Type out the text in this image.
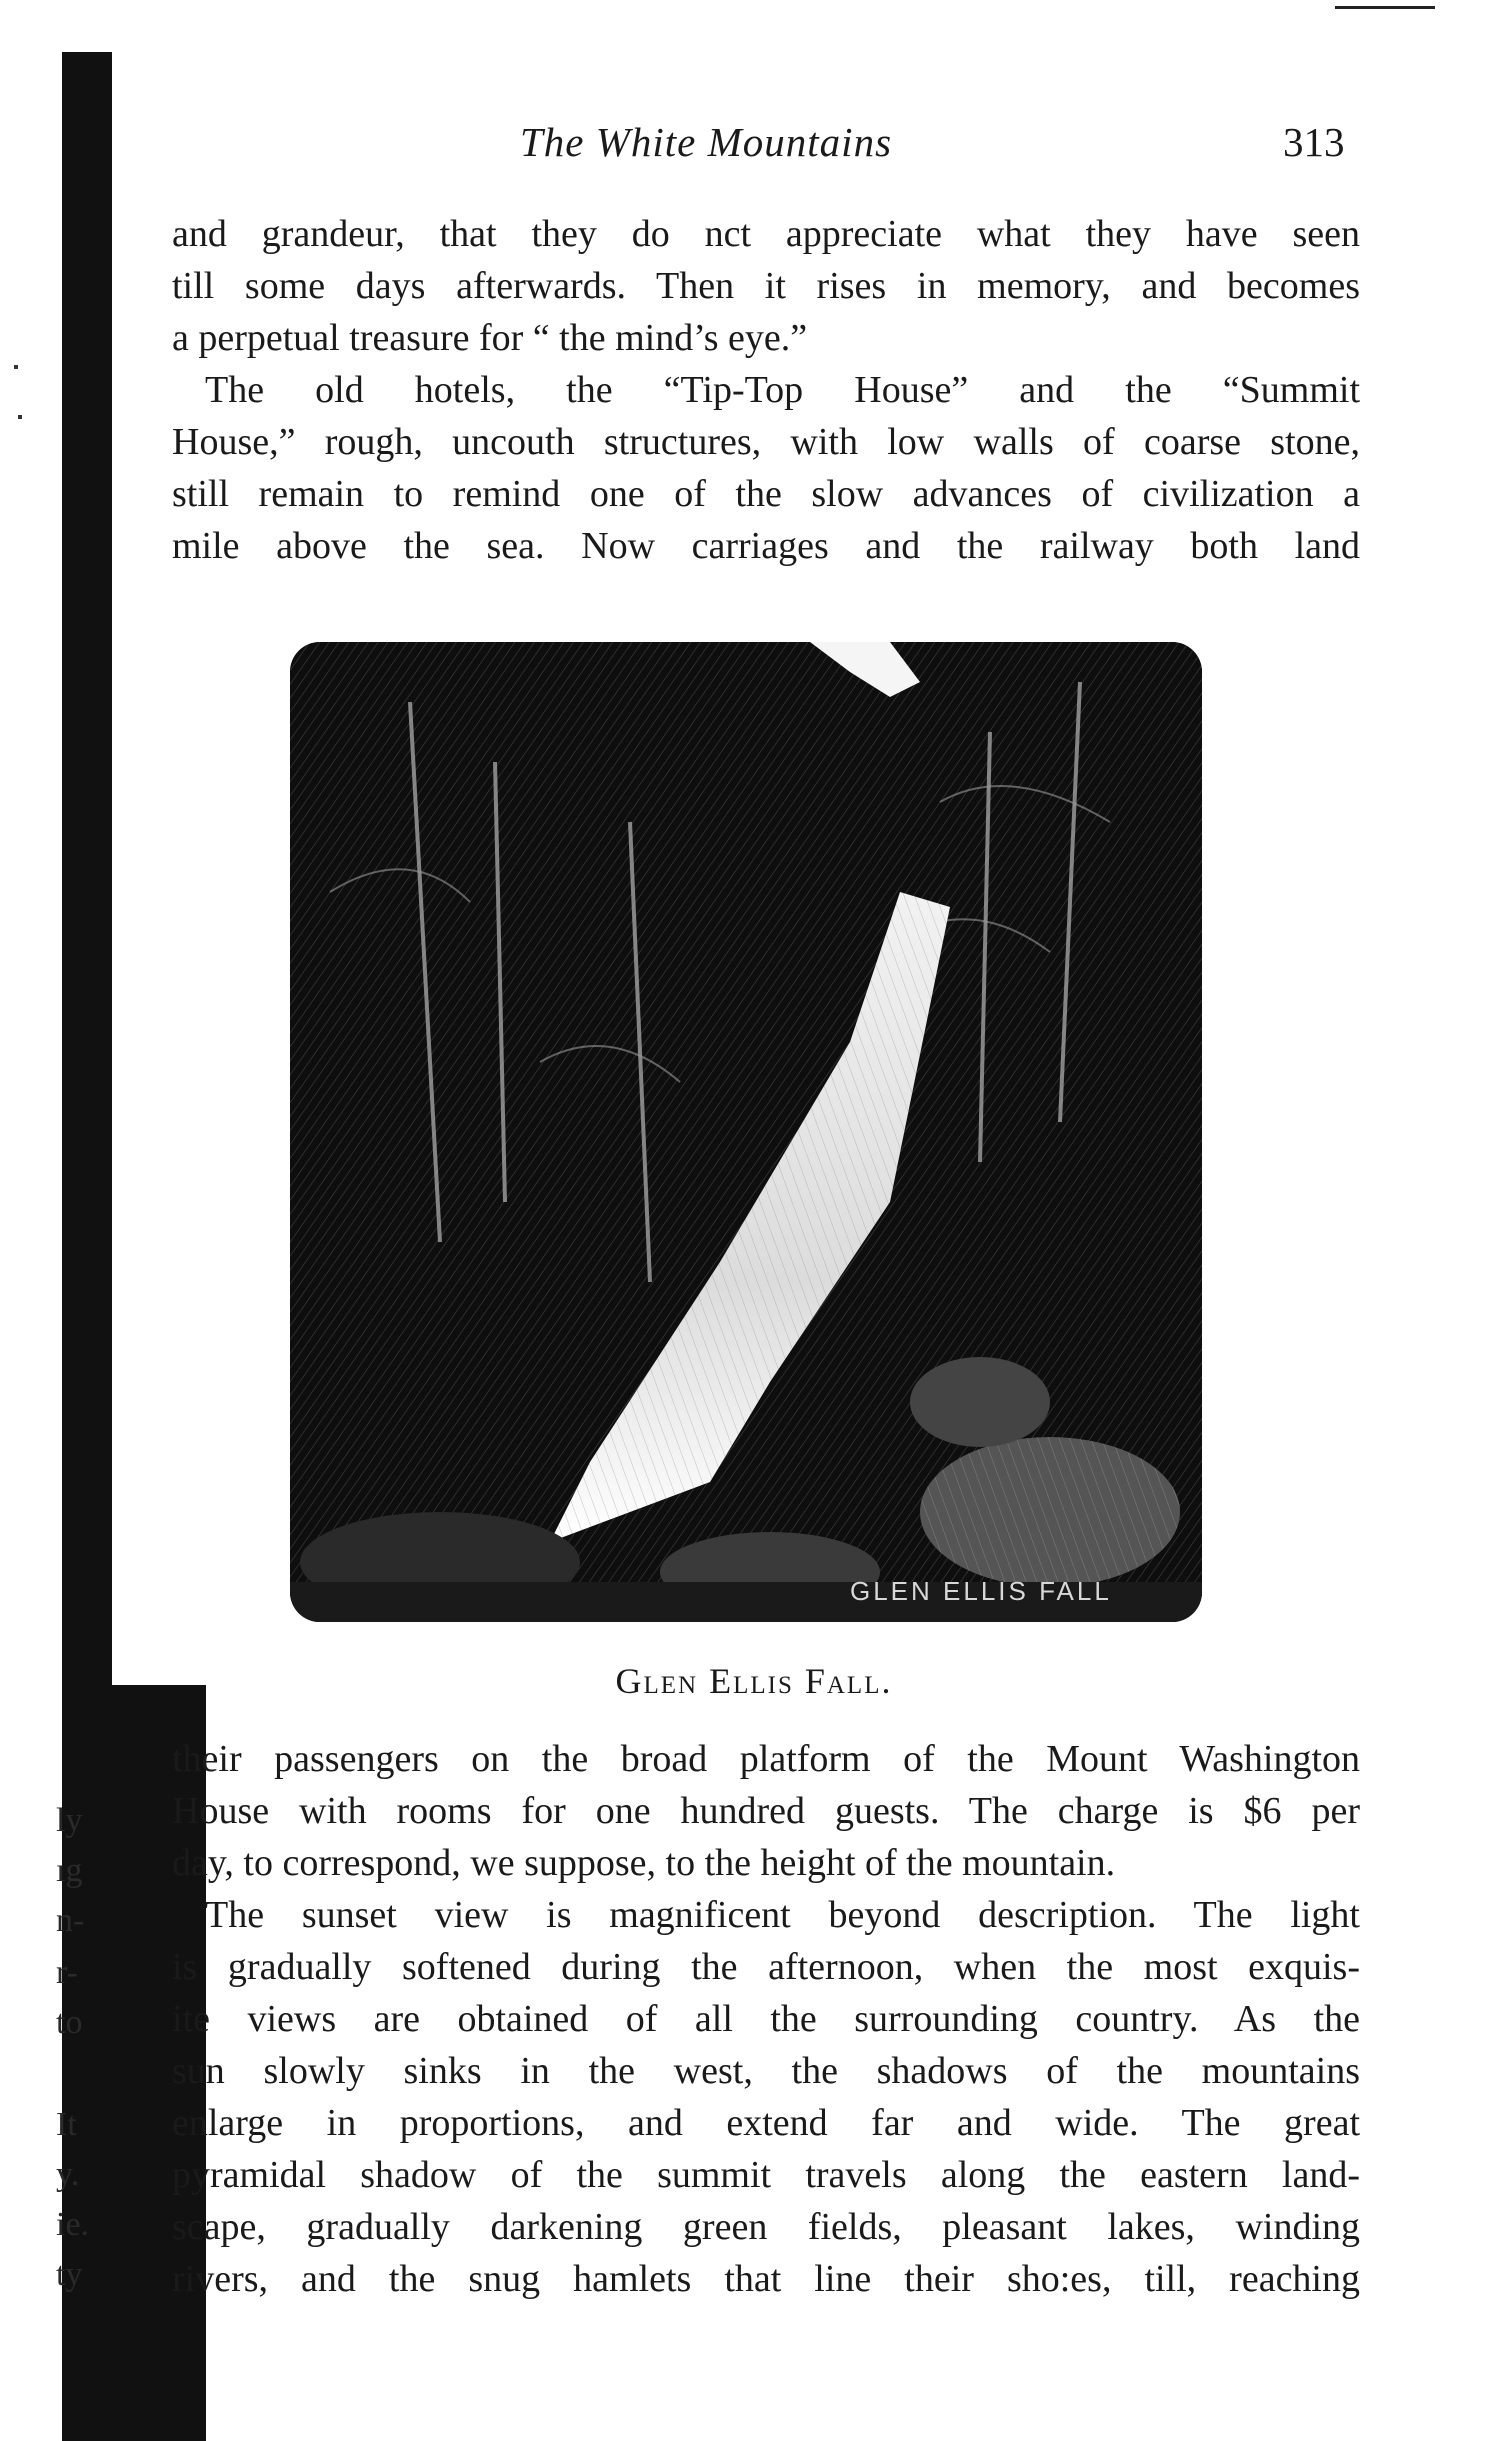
ly
ıg
n-
r-
to
It
y.
ie.
ty
The White Mountains	313
and grandeur, that they do nct appreciate what they have seen
till some days afterwards. Then it rises in memory, and becomes
a perpetual treasure for “ the mind’s eye.”
The old hotels, the “Tip-Top House” and the “Summit
House,” rough, uncouth structures, with low walls of coarse stone,
still remain to remind one of the slow advances of civilization a
mile above the sea. Now carriages and the railway both land
GLEN ELLIS FALL
Glen Ellis Fall.
their passengers on the broad platform of the Mount Washington
House with rooms for one hundred guests. The charge is $6 per
day, to correspond, we suppose, to the height of the mountain.
The sunset view is magnificent beyond description. The light
is gradually softened during the afternoon, when the most exquis-
ite views are obtained of all the surrounding country. As the
sun slowly sinks in the west, the shadows of the mountains
enlarge in proportions, and extend far and wide. The great
pyramidal shadow of the summit travels along the eastern land-
scape, gradually darkening green fields, pleasant lakes, winding
rivers, and the snug hamlets that line their sho:es, till, reaching
